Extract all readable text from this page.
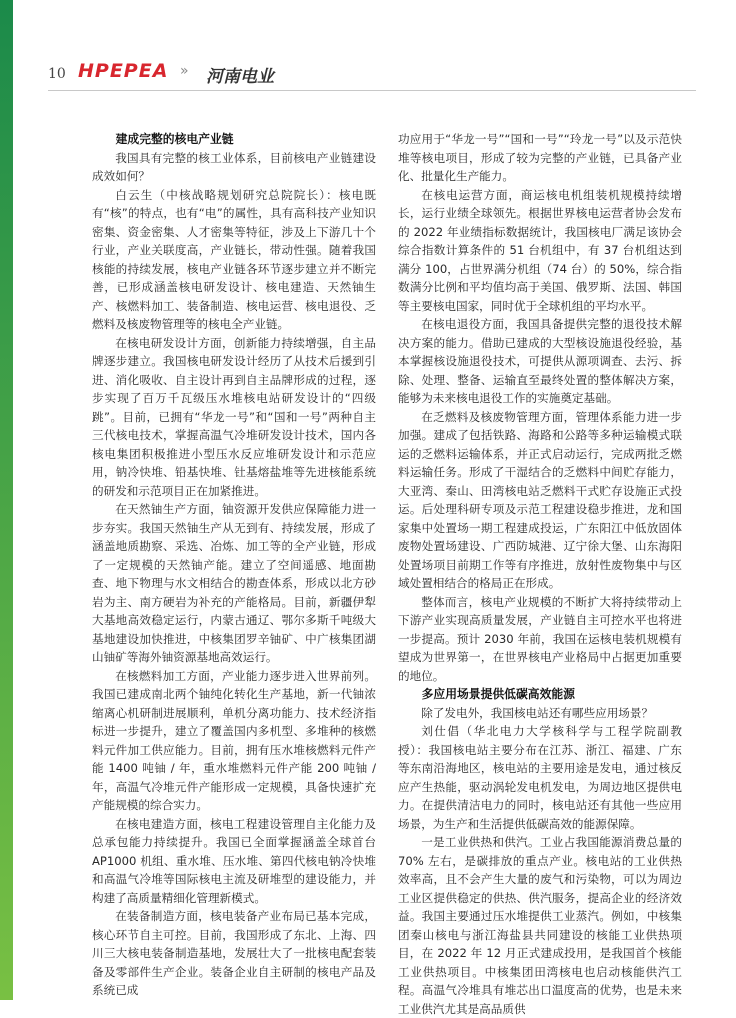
10 HPEPEA » 河南电业
建成完整的核电产业链

我国具有完整的核工业体系，目前核电产业链建设成效如何？

白云生（中核战略规划研究总院院长）：核电既有“核”的特点，也有“电”的属性，具有高科技产业知识密集、资金密集、人才密集等特征，涉及上下游几十个行业，产业关联度高，产业链长，带动性强。随着我国核能的持续发展，核电产业链各环节逐步建立并不断完善，已形成涵盖核电研发设计、核电建造、天然铀生产、核燃料加工、装备制造、核电运营、核电退役、乏燃料及核废物管理等的核电全产业链。

在核电研发设计方面，创新能力持续增强，自主品牌逐步建立。我国核电研发设计经历了从技术后援到引进、消化吸收、自主设计再到自主品牌形成的过程，逐步实现了百万千瓦级压水堆核电站研发设计的“四级跳”。目前，已拥有“华龙一号”和“国和一号”两种自主三代核电技术，掌握高温气冷堆研发设计技术，国内各核电集团积极推进小型压水反应堆研发设计和示范应用，钠冷快堆、铅基快堆、钍基熔盐堆等先进核能系统的研发和示范项目正在加紧推进。

在天然铀生产方面，铀资源开发供应保障能力进一步夯实。我国天然铀生产从无到有、持续发展，形成了涵盖地质勘察、采选、冶炼、加工等的全产业链，形成了一定规模的天然铀产能。建立了空间遥感、地面勘查、地下物理与水文相结合的勘查体系，形成以北方砂岩为主、南方硬岩为补充的产能格局。目前，新疆伊犁大基地高效稳定运行，内蒙古通辽、鄂尔多斯千吨级大基地建设加快推进，中核集团罗辛铀矿、中广核集团湖山铀矿等海外铀资源基地高效运行。

在核燃料加工方面，产业能力逐步进入世界前列。我国已建成南北两个铀纯化转化生产基地，新一代铀浓缩离心机研制进展顺利，单机分离功能力、技术经济指标进一步提升，建立了覆盖国内多机型、多堆种的核燃料元件加工供应能力。目前，拥有压水堆核燃料元件产能 1400 吨铀 / 年，重水堆燃料元件产能 200 吨铀 / 年，高温气冷堆元件产能形成一定规模，具备快速扩充产能规模的综合实力。

在核电建造方面，核电工程建设管理自主化能力及总承包能力持续提升。我国已全面掌握涵盖全球首台 AP1000 机组、重水堆、压水堆、第四代核电钠冷快堆和高温气冷堆等国际核电主流及研堆型的建设能力，并构建了高质量精细化管理新模式。

在装备制造方面，核电装备产业布局已基本完成，核心环节自主可控。目前，我国形成了东北、上海、四川三大核电装备制造基地，发展壮大了一批核电配套装备及零部件生产企业。装备企业自主研制的核电产品及系统已成

功应用于“华龙一号”“国和一号”“玲龙一号”以及示范快堆等核电项目，形成了较为完整的产业链，已具备产业化、批量化生产能力。

在核电运营方面，商运核电机组装机规模持续增长，运行业绩全球领先。根据世界核电运营者协会发布的 2022 年业绩指标数据统计，我国核电厂满足该协会综合指数计算条件的 51 台机组中，有 37 台机组达到满分 100，占世界满分机组（74 台）的 50%，综合指数满分比例和平均值均高于美国、俄罗斯、法国、韩国等主要核电国家，同时优于全球机组的平均水平。

在核电退役方面，我国具备提供完整的退役技术解决方案的能力。借助已建成的大型核设施退役经验，基本掌握核设施退役技术，可提供从源项调查、去污、拆除、处理、整备、运输直至最终处置的整体解决方案，能够为未来核电退役工作的实施奠定基础。

在乏燃料及核废物管理方面，管理体系能力进一步加强。建成了包括铁路、海路和公路等多种运输模式联运的乏燃料运输体系，并正式启动运行，完成两批乏燃料运输任务。形成了干湿结合的乏燃料中间贮存能力，大亚湾、秦山、田湾核电站乏燃料干式贮存设施正式投运。后处理科研专项及示范工程建设稳步推进，龙和国家集中处置场一期工程建成投运，广东阳江中低放固体废物处置场建设、广西防城港、辽宁徐大堡、山东海阳处置场项目前期工作等有序推进，放射性废物集中与区域处置相结合的格局正在形成。

整体而言，核电产业规模的不断扩大将持续带动上下游产业实现高质量发展，产业链自主可控水平也将进一步提高。预计 2030 年前，我国在运核电装机规模有望成为世界第一，在世界核电产业格局中占据更加重要的地位。

多应用场景提供低碳高效能源

除了发电外，我国核电站还有哪些应用场景？

刘仕倡（华北电力大学核科学与工程学院副教授）：我国核电站主要分布在江苏、浙江、福建、广东等东南沿海地区，核电站的主要用途是发电，通过核反应产生热能，驱动涡轮发电机发电，为周边地区提供电力。在提供清洁电力的同时，核电站还有其他一些应用场景，为生产和生活提供低碳高效的能源保障。

一是工业供热和供汽。工业占我国能源消费总量的 70% 左右，是碳排放的重点产业。核电站的工业供热效率高，且不会产生大量的废气和污染物，可以为周边工业区提供稳定的供热、供汽服务，提高企业的经济效益。我国主要通过压水堆提供工业蒸汽。例如，中核集团秦山核电与浙江海盐县共同建设的核能工业供热项目，在 2022 年 12 月正式建成投用，是我国首个核能工业供热项目。中核集团田湾核电也启动核能供汽工程。高温气冷堆具有堆芯出口温度高的优势，也是未来工业供汽尤其是高品质供
